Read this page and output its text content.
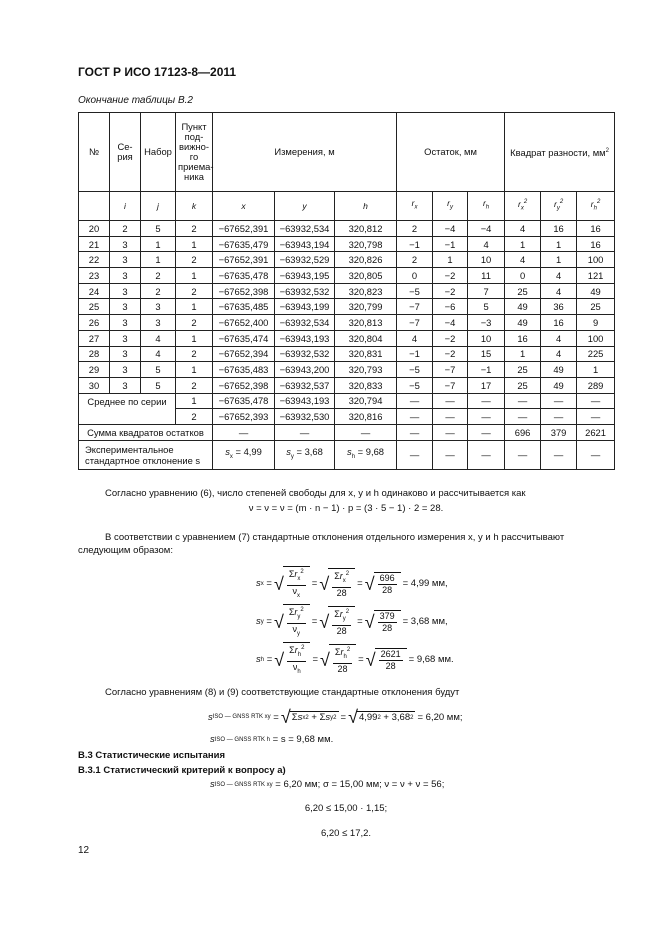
ГОСТ Р ИСО 17123-8—2011
Окончание таблицы В.2
№	Се-рия	Набор	Пункт под-вижно-го приема-ника	Измерения, м			Остаток, мм			Квадрат разности, $мм^2$
	i	j	k	x	y	h	$r_x$	$r_y$	$r_h$	$r_x^2$	$r_y^2$	$r_h^2$
20	2	5	2	−67652,391	−63932,534	320,812	2	−4	−4	4	16	16
21	3	1	1	−67635,479	−63943,194	320,798	−1	−1	4	1	1	16
22	3	1	2	−67652,391	−63932,529	320,826	2	1	10	4	1	100
23	3	2	1	−67635,478	−63943,195	320,805	0	−2	11	0	4	121
24	3	2	2	−67652,398	−63932,532	320,823	−5	−2	7	25	4	49
25	3	3	1	−67635,485	−63943,199	320,799	−7	−6	5	49	36	25
26	3	3	2	−67652,400	−63932,534	320,813	−7	−4	−3	49	16	9
27	3	4	1	−67635,474	−63943,193	320,804	4	−2	10	16	4	100
28	3	4	2	−67652,394	−63932,532	320,831	−1	−2	15	1	4	225
29	3	5	1	−67635,483	−63943,200	320,793	−5	−7	−1	25	49	1
30	3	5	2	−67652,398	−63932,537	320,833	−5	−7	17	25	49	289
Среднее по серии			1	−67635,478	−63943,193	320,794	—	—	—	—	—	—
			2	−67652,393	−63932,530	320,816	—	—	—	—	—	—
Сумма квадратов остатков				—	—	—	—	—	—	696	379	2621
Экспериментальное стандартное отклонение s				$s_x = 4,99$	$s_y = 3,68$	$s_h = 9,68$	—	—	—	—	—	—
Согласно уравнению (6), число степеней свободы для x, y и h одинаково и рассчитывается как
ν = ν = ν = (m · n − 1) · p = (3 · 5 − 1) · 2 = 28.
В соответствии с уравнением (7) стандартные отклонения отдельного измерения x, y и h рассчитывают следующим образом:
s x = √ $\frac{\Sigma r_x^2}{\nu_x}$ = √ $\frac{\Sigma r_x^2}{28}$ = √ $\frac{696}{28} = 4,99$ мм,
s y = √ $\frac{\Sigma r_y^2}{\nu_y}$ = √ $\frac{\Sigma r_y^2}{28}$ = √ $\frac{379}{28} = 3,68$ мм,
s h = √ $\frac{\Sigma r_h^2}{\nu_h}$ = √ $\frac{\Sigma r_h^2}{28}$ = √ $\frac{2621}{28} = 9,68$ мм.
Согласно уравнениям (8) и (9) соответствующие стандартные отклонения будут
s ISO — GNSS RTK xy = √ Σ s x 2 + Σ s y 2 = √ 4,99 2 + 3,68 2 = 6,20 мм;
s ISO — GNSS RTK h
= s = 9,68 мм.
В.3 Статистические испытания
В.3.1 Статистический критерий к вопросу а)
s ISO — GNSS RTK xy
= 6,20 мм; σ = 15,00 мм; ν = ν + ν = 56;
6,20 ≤ 15,00 · 1,15;
6,20 ≤ 17,2.
12
